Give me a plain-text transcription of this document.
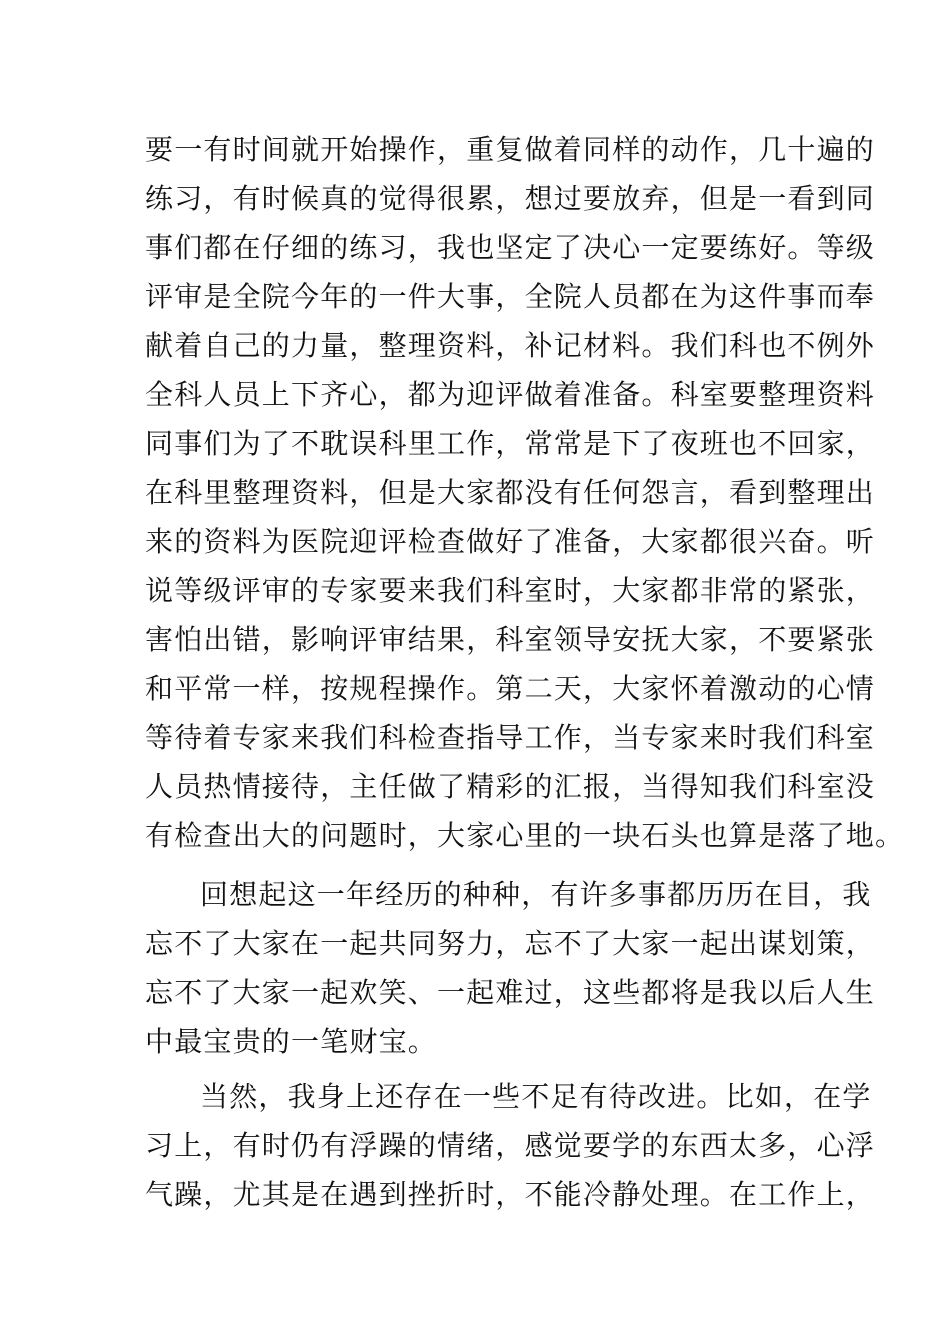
要一有时间就开始操作，重复做着同样的动作，几十遍的
练习，有时候真的觉得很累，想过要放弃，但是一看到同
事们都在仔细的练习，我也坚定了决心一定要练好。等级
评审是全院今年的一件大事，全院人员都在为这件事而奉
献着自己的力量，整理资料，补记材料。我们科也不例外
全科人员上下齐心，都为迎评做着准备。科室要整理资料
同事们为了不耽误科里工作，常常是下了夜班也不回家，
在科里整理资料，但是大家都没有任何怨言，看到整理出
来的资料为医院迎评检查做好了准备，大家都很兴奋。听
说等级评审的专家要来我们科室时，大家都非常的紧张，
害怕出错，影响评审结果，科室领导安抚大家，不要紧张
和平常一样，按规程操作。第二天，大家怀着激动的心情
等待着专家来我们科检查指导工作，当专家来时我们科室
人员热情接待，主任做了精彩的汇报，当得知我们科室没
有检查出大的问题时，大家心里的一块石头也算是落了地。
回想起这一年经历的种种，有许多事都历历在目，我
忘不了大家在一起共同努力，忘不了大家一起出谋划策，
忘不了大家一起欢笑、一起难过，这些都将是我以后人生
中最宝贵的一笔财宝。
当然，我身上还存在一些不足有待改进。比如，在学
习上，有时仍有浮躁的情绪，感觉要学的东西太多，心浮
气躁，尤其是在遇到挫折时，不能冷静处理。在工作上，
